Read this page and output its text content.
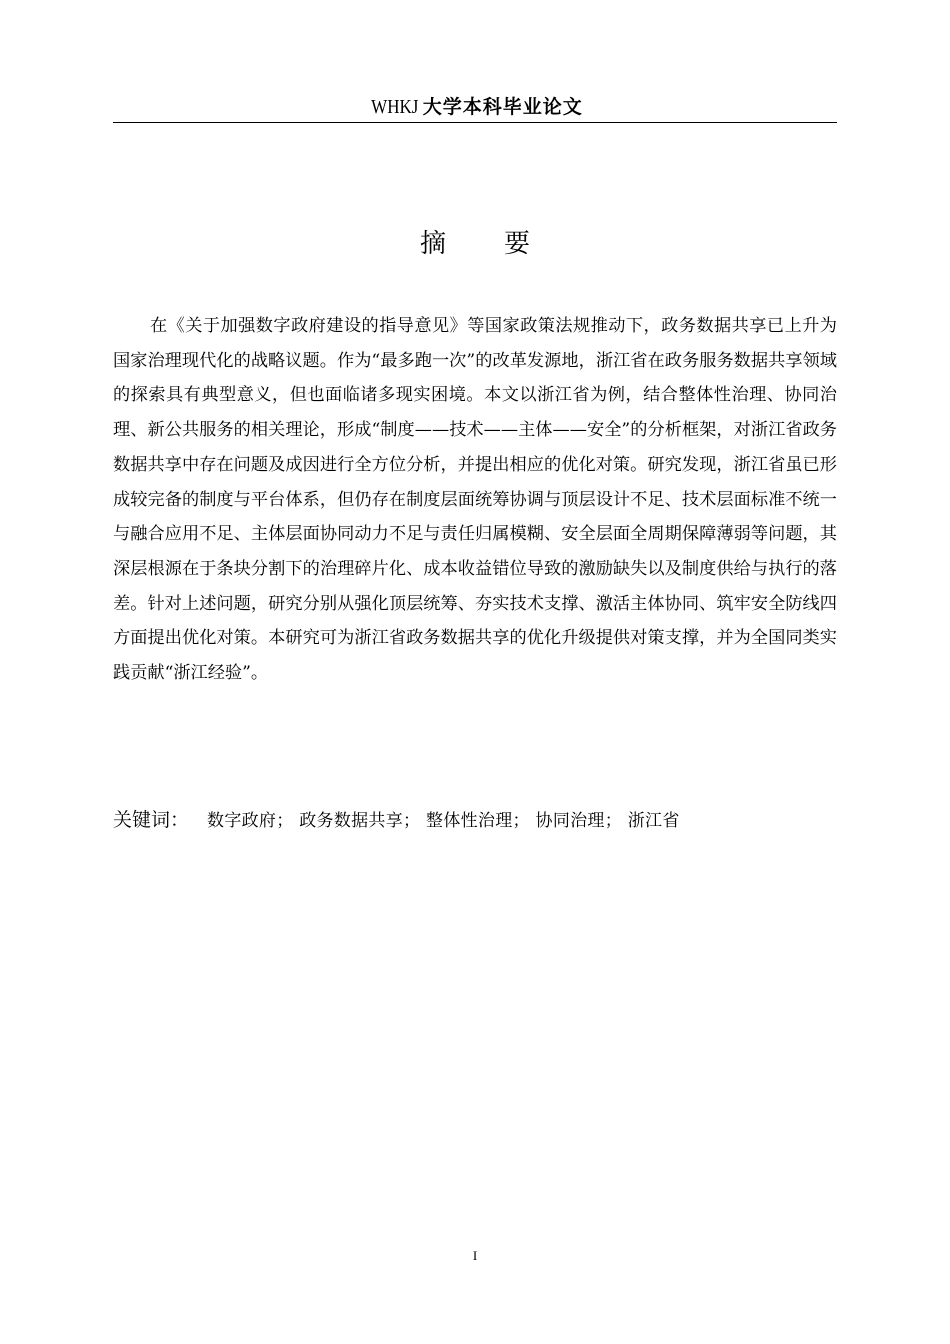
WHKJ 大学本科毕业论文
摘要

在《关于加强数字政府建设的指导意见》等国家政策法规推动下，政务数据共享已上升为国家治理现代化的战略议题。作为“最多跑一次”的改革发源地，浙江省在政务服务数据共享领域的探索具有典型意义，但也面临诸多现实困境。本文以浙江省为例，结合整体性治理、协同治理、新公共服务的相关理论，形成“制度——技术——主体——安全”的分析框架，对浙江省政务数据共享中存在问题及成因进行全方位分析，并提出相应的优化对策。研究发现，浙江省虽已形成较完备的制度与平台体系，但仍存在制度层面统筹协调与顶层设计不足、技术层面标准不统一与融合应用不足、主体层面协同动力不足与责任归属模糊、安全层面全周期保障薄弱等问题，其深层根源在于条块分割下的治理碎片化、成本收益错位导致的激励缺失以及制度供给与执行的落差。针对上述问题，研究分别从强化顶层统筹、夯实技术支撑、激活主体协同、筑牢安全防线四方面提出优化对策。本研究可为浙江省政务数据共享的优化升级提供对策支撑，并为全国同类实践贡献“浙江经验”。

关键词： 数字政府； 政务数据共享； 整体性治理； 协同治理； 浙江省
I
